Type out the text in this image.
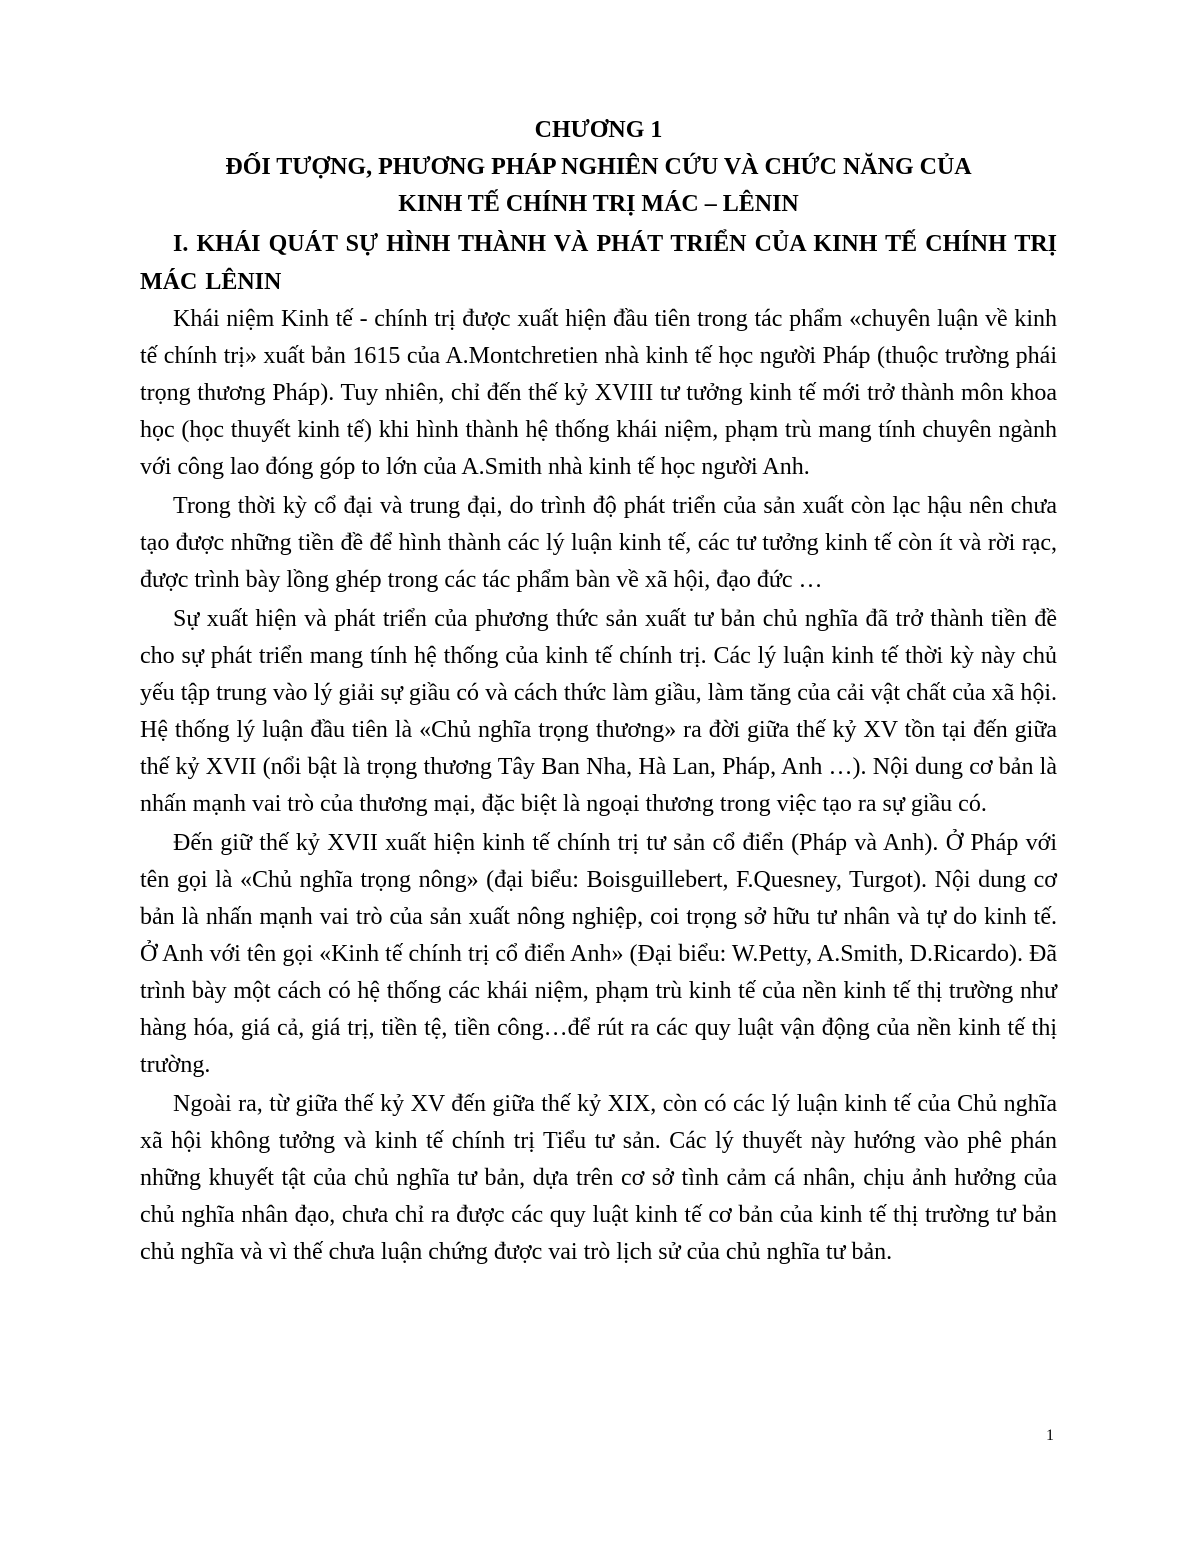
CHƯƠNG 1

ĐỐI TƯỢNG, PHƯƠNG PHÁP NGHIÊN CỨU VÀ CHỨC NĂNG CỦA

KINH TẾ CHÍNH TRỊ MÁC – LÊNIN

I. KHÁI QUÁT SỰ HÌNH THÀNH VÀ PHÁT TRIỂN CỦA KINH TẾ CHÍNH TRỊ MÁC LÊNIN

Khái niệm Kinh tế - chính trị được xuất hiện đầu tiên trong tác phẩm «chuyên luận về kinh tế chính trị» xuất bản 1615 của A.Montchretien nhà kinh tế học người Pháp (thuộc trường phái trọng thương Pháp). Tuy nhiên, chỉ đến thế kỷ XVIII tư tưởng kinh tế mới trở thành môn khoa học (học thuyết kinh tế) khi hình thành hệ thống khái niệm, phạm trù mang tính chuyên ngành với công lao đóng góp to lớn của A.Smith nhà kinh tế học người Anh.

Trong thời kỳ cổ đại và trung đại, do trình độ phát triển của sản xuất còn lạc hậu nên chưa tạo được những tiền đề để hình thành các lý luận kinh tế, các tư tưởng kinh tế còn ít và rời rạc, được trình bày lồng ghép trong các tác phẩm bàn về xã hội, đạo đức …

Sự xuất hiện và phát triển của phương thức sản xuất tư bản chủ nghĩa đã trở thành tiền đề cho sự phát triển mang tính hệ thống của kinh tế chính trị. Các lý luận kinh tế thời kỳ này chủ yếu tập trung vào lý giải sự giầu có và cách thức làm giầu, làm tăng của cải vật chất của xã hội. Hệ thống lý luận đầu tiên là «Chủ nghĩa trọng thương» ra đời giữa thế kỷ XV tồn tại đến giữa thế kỷ XVII (nổi bật là trọng thương Tây Ban Nha, Hà Lan, Pháp, Anh …). Nội dung cơ bản là nhấn mạnh vai trò của thương mại, đặc biệt là ngoại thương trong việc tạo ra sự giầu có.

Đến giữ thế kỷ XVII xuất hiện kinh tế chính trị tư sản cổ điển (Pháp và Anh). Ở Pháp với tên gọi là «Chủ nghĩa trọng nông» (đại biểu: Boisguillebert, F.Quesney, Turgot). Nội dung cơ bản là nhấn mạnh vai trò của sản xuất nông nghiệp, coi trọng sở hữu tư nhân và tự do kinh tế. Ở Anh với tên gọi «Kinh tế chính trị cổ điển Anh» (Đại biểu: W.Petty, A.Smith, D.Ricardo). Đã trình bày một cách có hệ thống các khái niệm, phạm trù kinh tế của nền kinh tế thị trường như hàng hóa, giá cả, giá trị, tiền tệ, tiền công…để rút ra các quy luật vận động của nền kinh tế thị trường.

Ngoài ra, từ giữa thế kỷ XV đến giữa thế kỷ XIX, còn có các lý luận kinh tế của Chủ nghĩa xã hội không tưởng và kinh tế chính trị Tiểu tư sản. Các lý thuyết này hướng vào phê phán những khuyết tật của chủ nghĩa tư bản, dựa trên cơ sở tình cảm cá nhân, chịu ảnh hưởng của chủ nghĩa nhân đạo, chưa chỉ ra được các quy luật kinh tế cơ bản của kinh tế thị trường tư bản chủ nghĩa và vì thế chưa luận chứng được vai trò lịch sử của chủ nghĩa tư bản.

1
